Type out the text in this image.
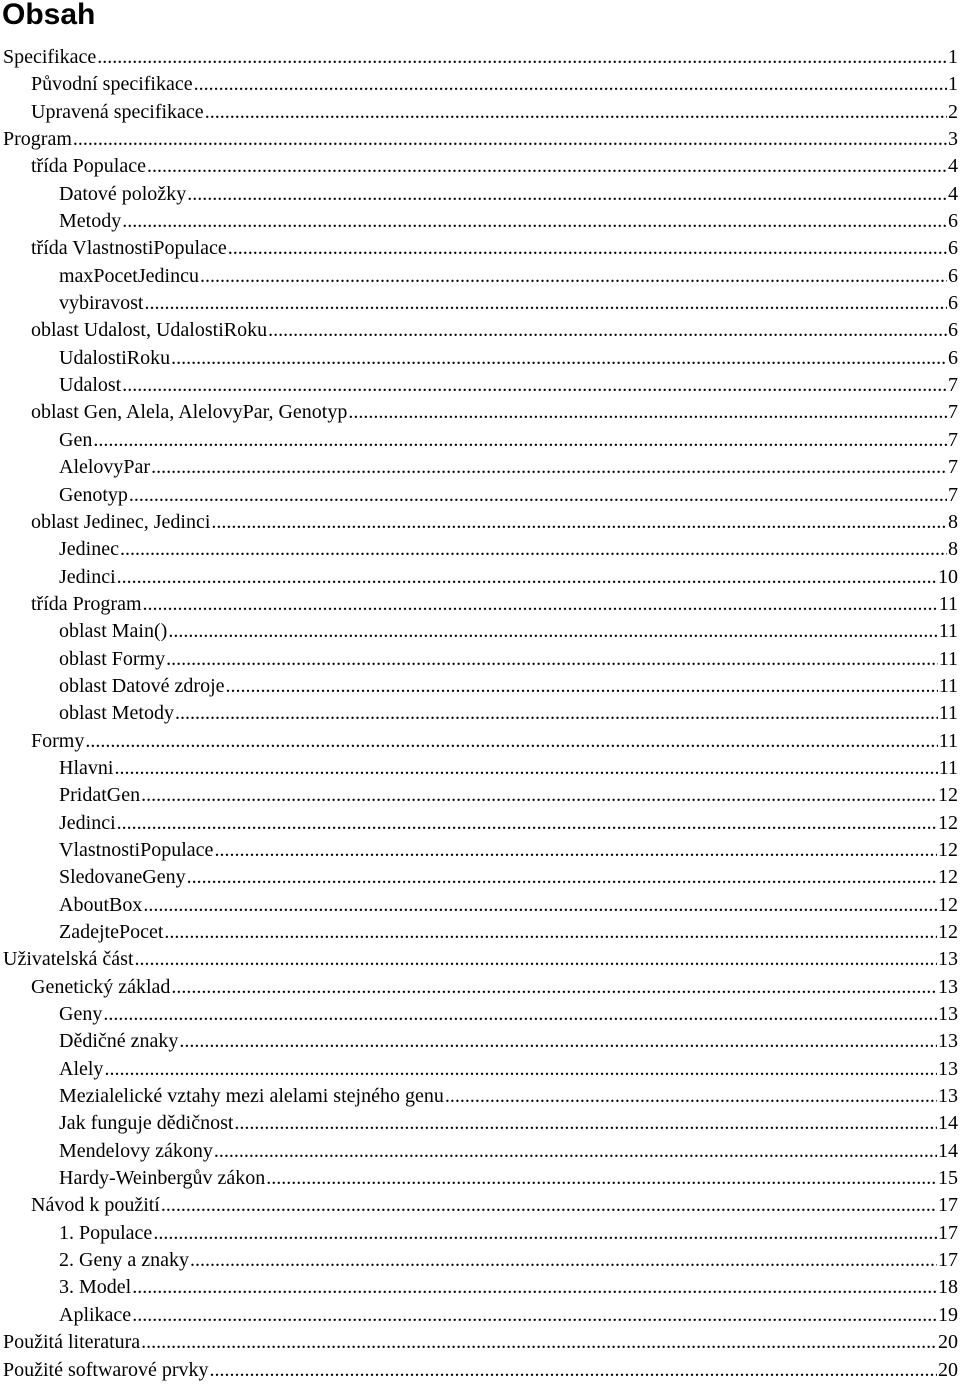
Obsah
Specifikace .....	1
Původní specifikace .....	1
Upravená specifikace .....	2
Program .....	3
třída Populace .....	4
Datové položky .....	4
Metody .....	6
třída VlastnostiPopulace .....	6
maxPocetJedincu .....	6
vybiravost .....	6
oblast Udalost, UdalostiRoku .....	6
UdalostiRoku .....	6
Udalost .....	7
oblast Gen, Alela, AlelovyPar, Genotyp .....	7
Gen .....	7
AlelovyPar .....	7
Genotyp .....	7
oblast Jedinec, Jedinci .....	8
Jedinec .....	8
Jedinci .....	10
třída Program .....	11
oblast Main() .....	11
oblast Formy .....	11
oblast Datové zdroje .....	11
oblast Metody .....	11
Formy .....	11
Hlavni .....	11
PridatGen .....	12
Jedinci .....	12
VlastnostiPopulace .....	12
SledovaneGeny .....	12
AboutBox .....	12
ZadejtePocet .....	12
Uživatelská část .....	13
Genetický základ .....	13
Geny .....	13
Dědičné znaky .....	13
Alely .....	13
Mezialelické vztahy mezi alelami stejného genu .....	13
Jak funguje dědičnost .....	14
Mendelovy zákony .....	14
Hardy-Weinbergův zákon .....	15
Návod k použití .....	17
1. Populace .....	17
2. Geny a znaky .....	17
3. Model .....	18
Aplikace .....	19
Použitá literatura .....	20
Použité softwarové prvky .....	20
